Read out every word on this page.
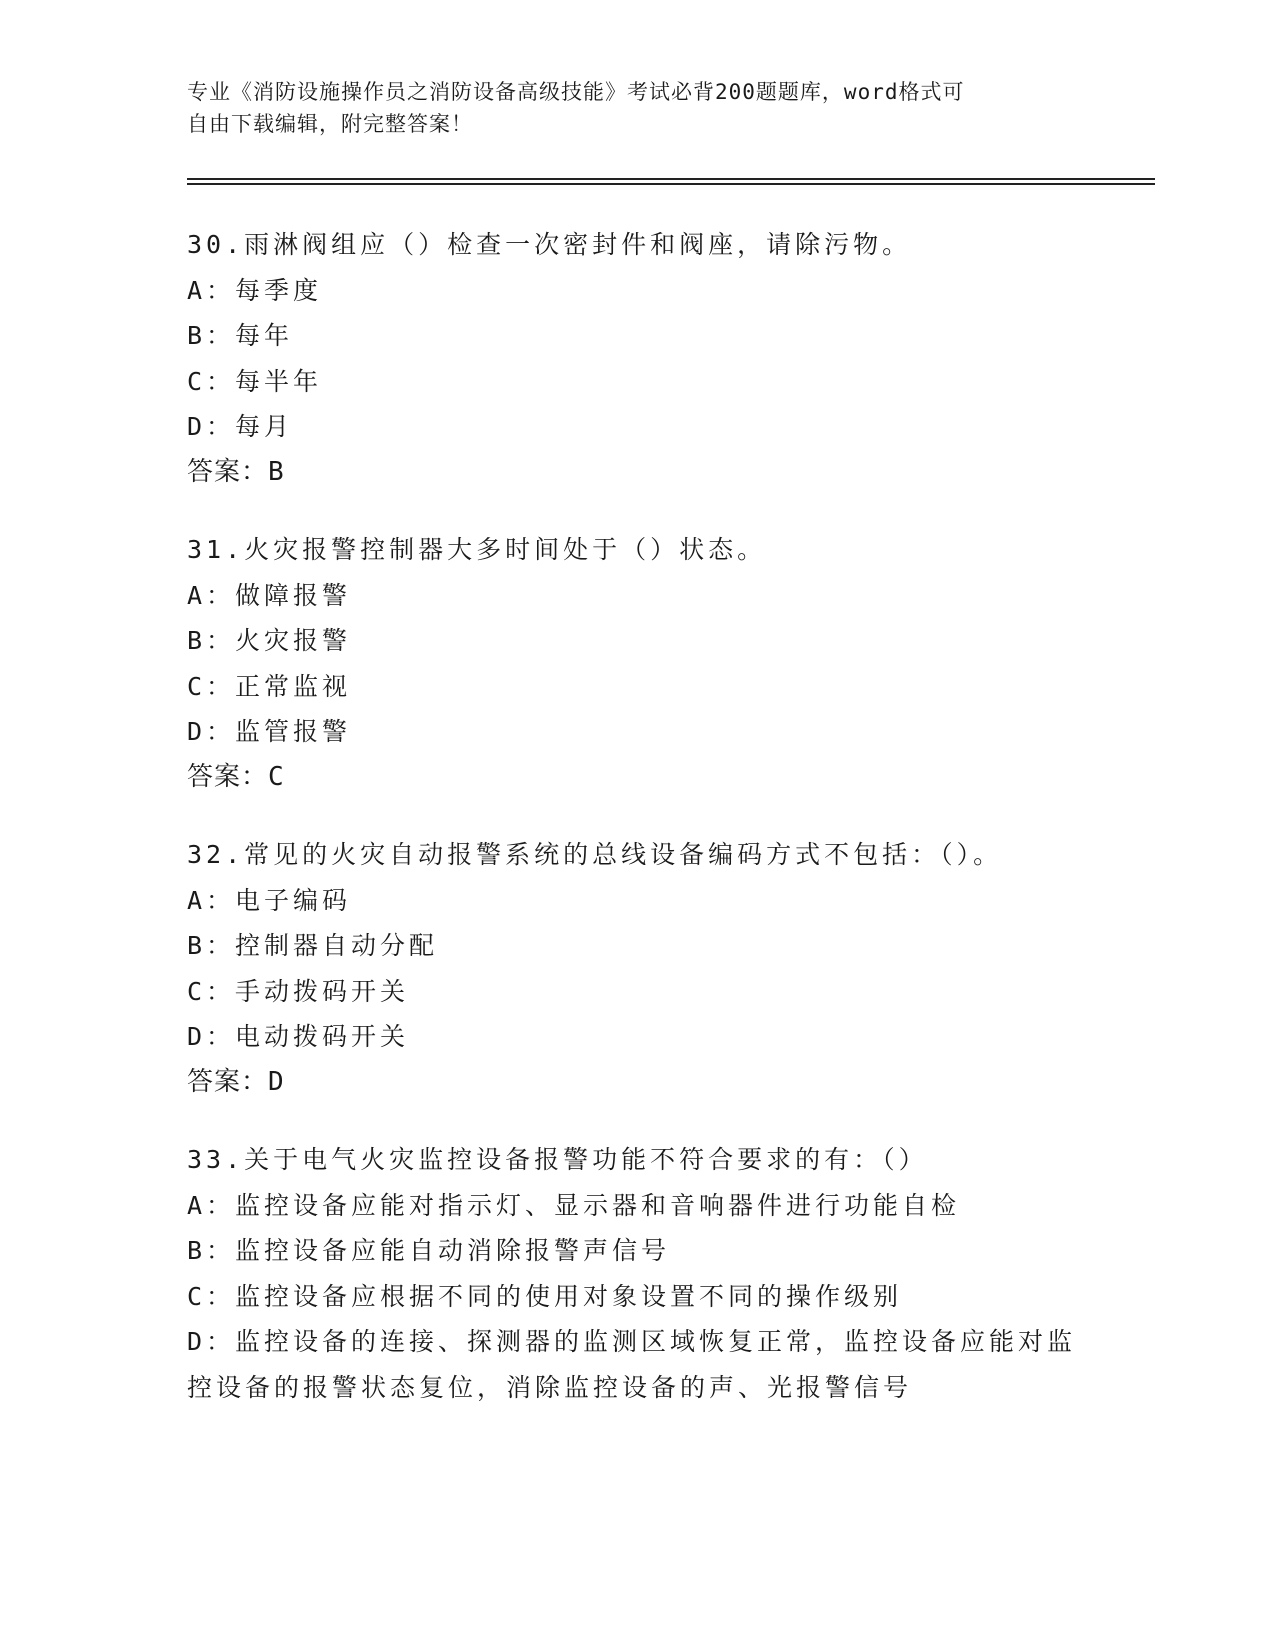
专业《消防设施操作员之消防设备高级技能》考试必背200题题库，word格式可
自由下载编辑，附完整答案！
30.雨淋阀组应（）检查一次密封件和阀座，请除污物。
A：每季度
B：每年
C：每半年
D：每月
答案：B
31.火灾报警控制器大多时间处于（）状态。
A：做障报警
B：火灾报警
C：正常监视
D：监管报警
答案：C
32.常见的火灾自动报警系统的总线设备编码方式不包括：（）。
A：电子编码
B：控制器自动分配
C：手动拨码开关
D：电动拨码开关
答案：D
33.关于电气火灾监控设备报警功能不符合要求的有：（）
A：监控设备应能对指示灯、显示器和音响器件进行功能自检
B：监控设备应能自动消除报警声信号
C：监控设备应根据不同的使用对象设置不同的操作级别
D：监控设备的连接、探测器的监测区域恢复正常，监控设备应能对监
控设备的报警状态复位，消除监控设备的声、光报警信号
